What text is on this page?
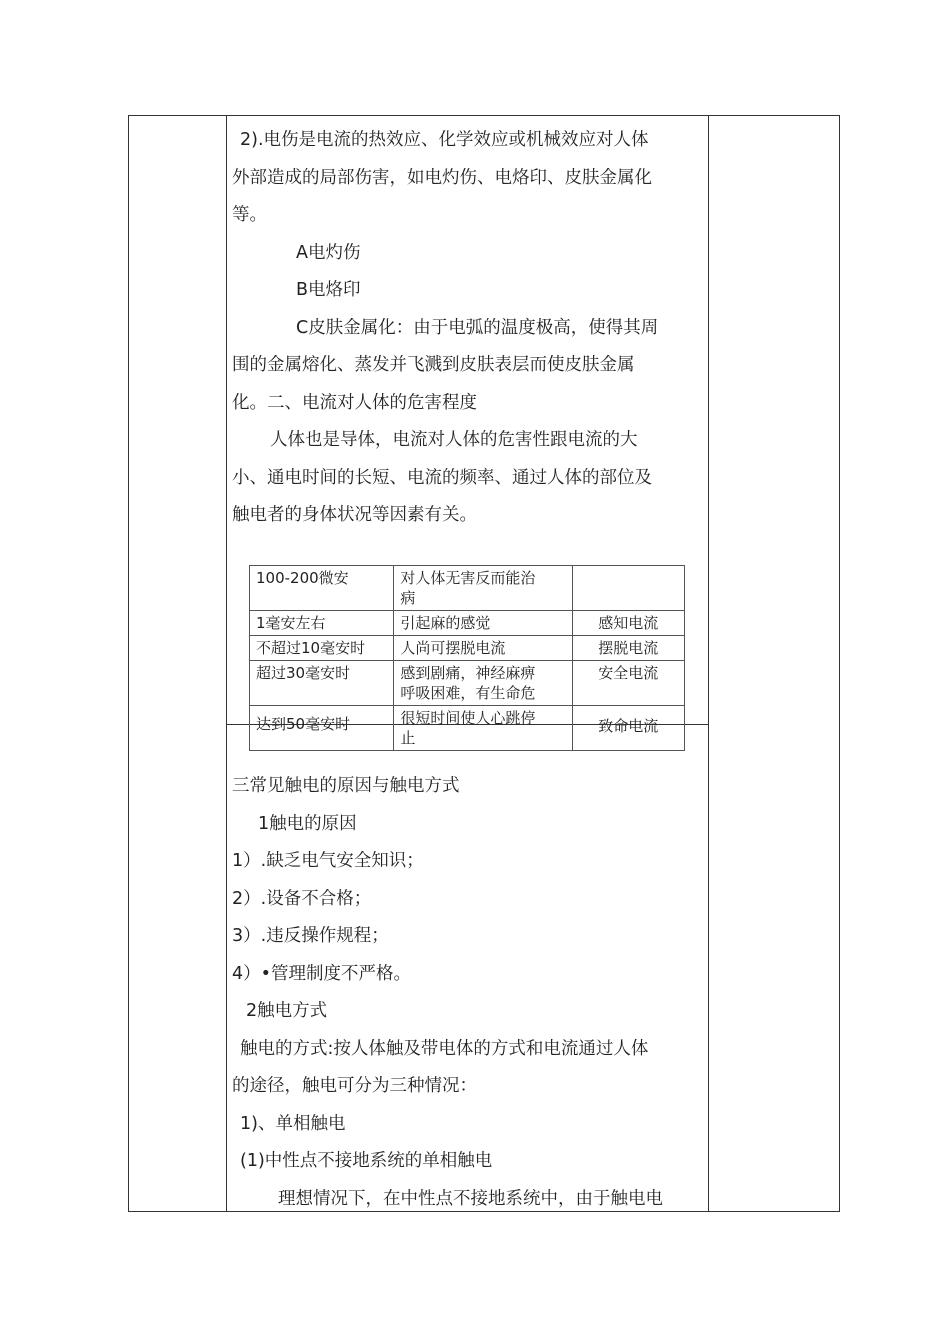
2).电伤是电流的热效应、化学效应或机械效应对人体

外部造成的局部伤害，如电灼伤、电烙印、皮肤金属化

等。

A电灼伤

B电烙印

C皮肤金属化：由于电弧的温度极高，使得其周

围的金属熔化、蒸发并飞溅到皮肤表层而使皮肤金属

化。二、电流对人体的危害程度

人体也是导体，电流对人体的危害性跟电流的大

小、通电时间的长短、电流的频率、通过人体的部位及

触电者的身体状况等因素有关。

100-200微安	对人体无害反而能治
病	
1毫安左右	引起麻的感觉	感知电流
不超过10毫安时	人尚可摆脱电流	摆脱电流
超过30毫安时	感到剧痛，神经麻痹
呼吸困难，有生命危	安全电流
达到50毫安时	很短时间使人心跳停
止	致命电流

三常见触电的原因与触电方式

1触电的原因

1）.缺乏电气安全知识；

2）.设备不合格；

3）.违反操作规程；

4）•管理制度不严格。

2触电方式

触电的方式:按人体触及带电体的方式和电流通过人体

的途径，触电可分为三种情况：

1)、单相触电

(1)中性点不接地系统的单相触电

理想情况下，在中性点不接地系统中，由于触电电
